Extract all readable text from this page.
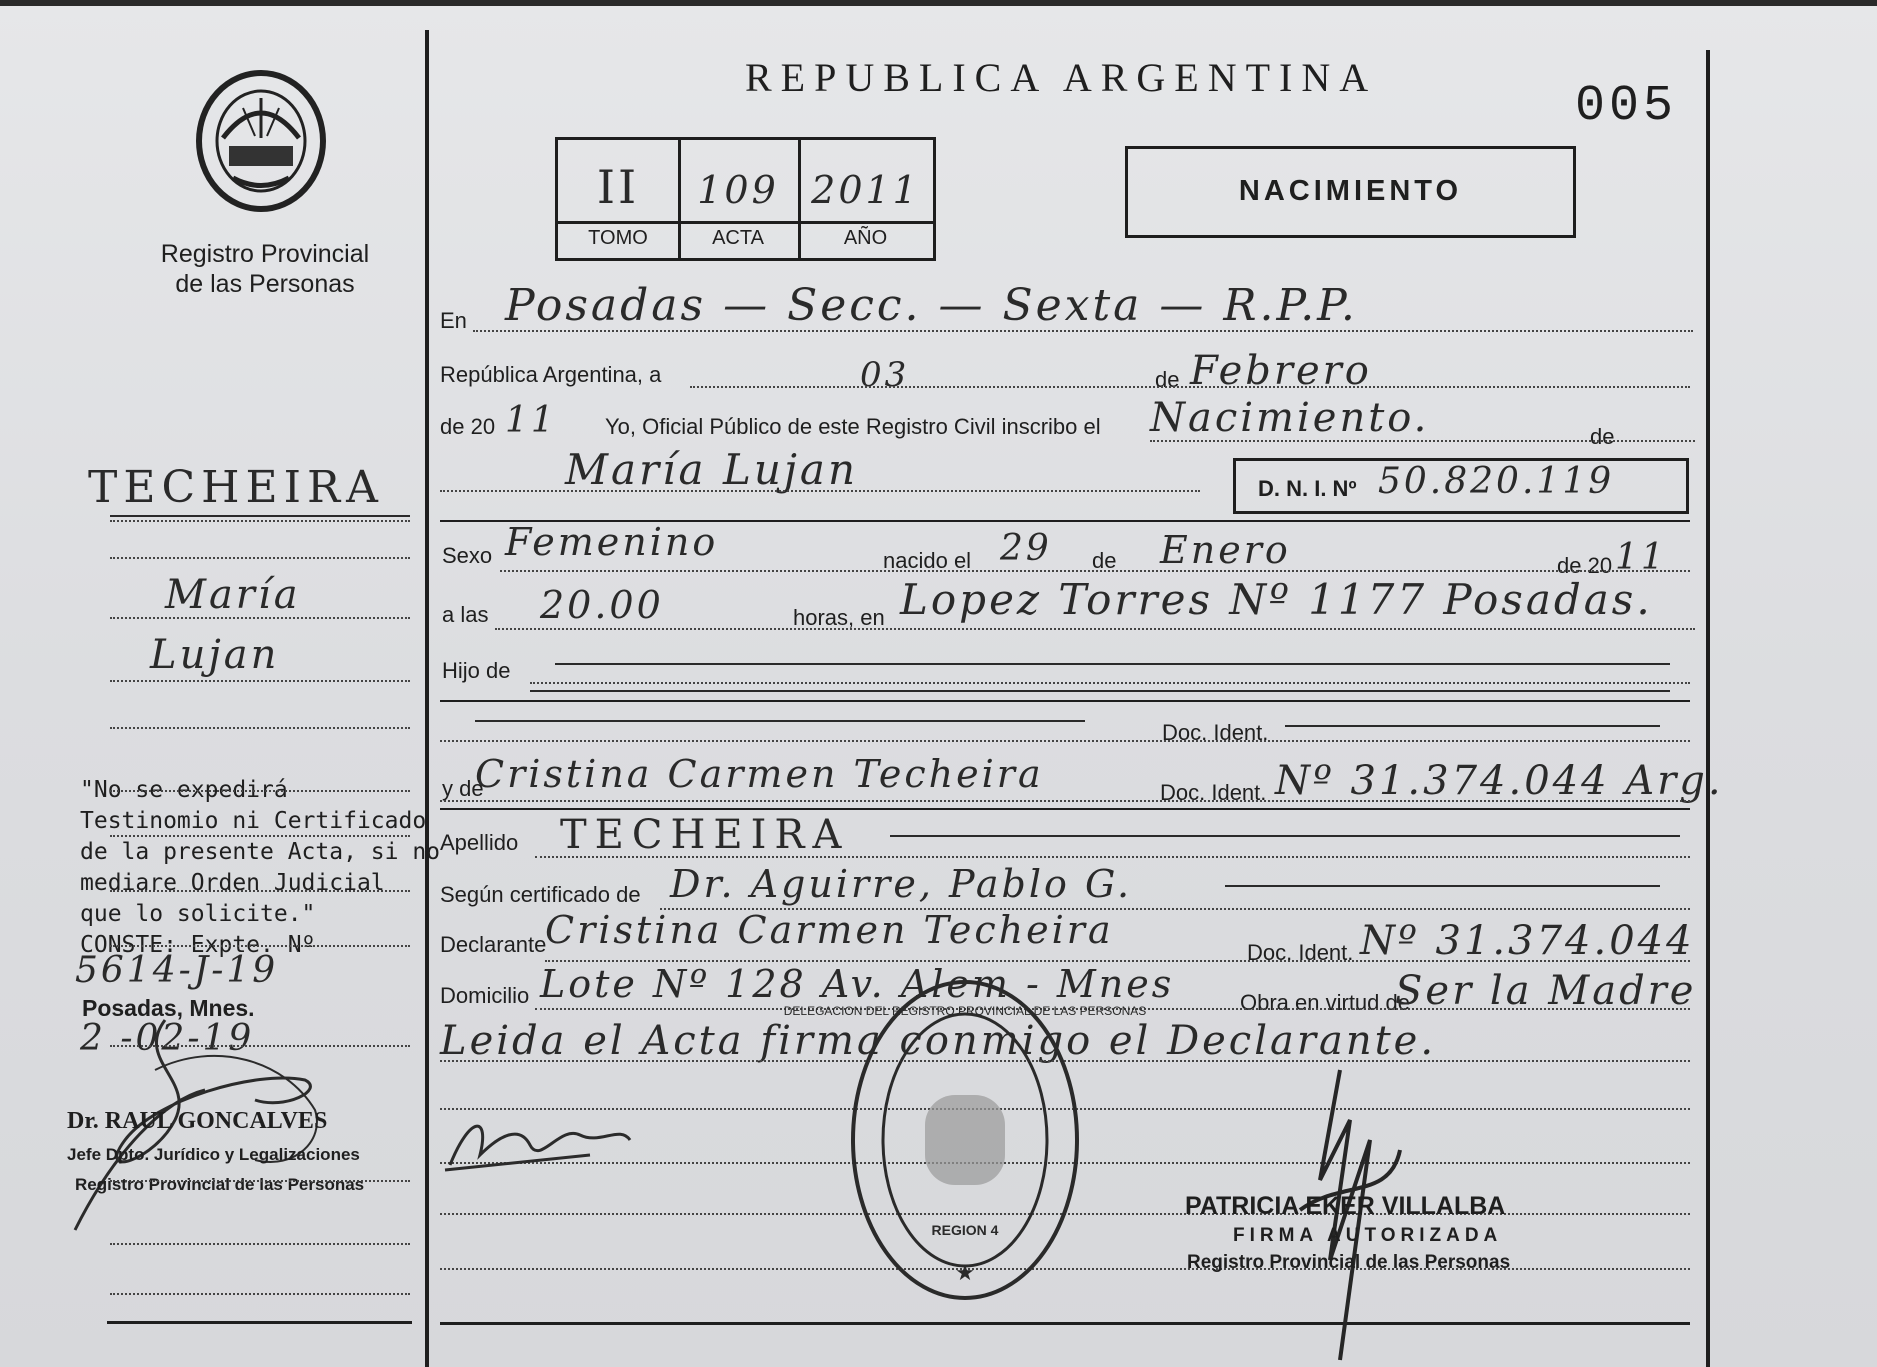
Registro Provincial
de las Personas
TECHEIRA
María
Lujan
"No se expedirá
Testinomio ni Certificado
de la presente Acta, si no
mediare Orden Judicial
que lo solicite."
CONSTE: Expte. Nº
5614-J-19
Posadas, Mnes.
2 -02-19
Dr. RAUL GONCALVES
Jefe Dpto. Jurídico y Legalizaciones
Registro Provincial de las Personas
REPUBLICA ARGENTINA
005
II	109 2011
TOMO	ACTA	AÑO
NACIMIENTO
En Posadas — Secc. — Sexta — R.P.P.
República Argentina, a	03	de Febrero
de 20 11 Yo, Oficial Público de este Registro Civil inscribo el Nacimiento.	de
María Lujan	D. N. I. Nº 50.820.119
Sexo Femenino	nacido el 29 de Enero	de 20 11
a las 20.00	horas, en Lopez Torres Nº 1177 Posadas.
Hijo de
Doc. Ident.
y de
Cristina Carmen Techeira	Doc. Ident. Nº 31.374.044 Arg.
Apellido TECHEIRA
Según certificado de Dr. Aguirre, Pablo G.
Declarante
Cristina Carmen Techeira
Doc. Ident. Nº 31.374.044
Domicilio Lote Nº 128 Av. Alem - Mnes	Obra en virtud de
Ser la Madre
Leida el Acta firma conmigo el Declarante.
★
REGION 4
DELEGACION DEL REGISTRO PROVINCIAL DE LAS PERSONAS
PATRICIA EKER VILLALBA
FIRMA AUTORIZADA
Registro Provincial de las Personas
